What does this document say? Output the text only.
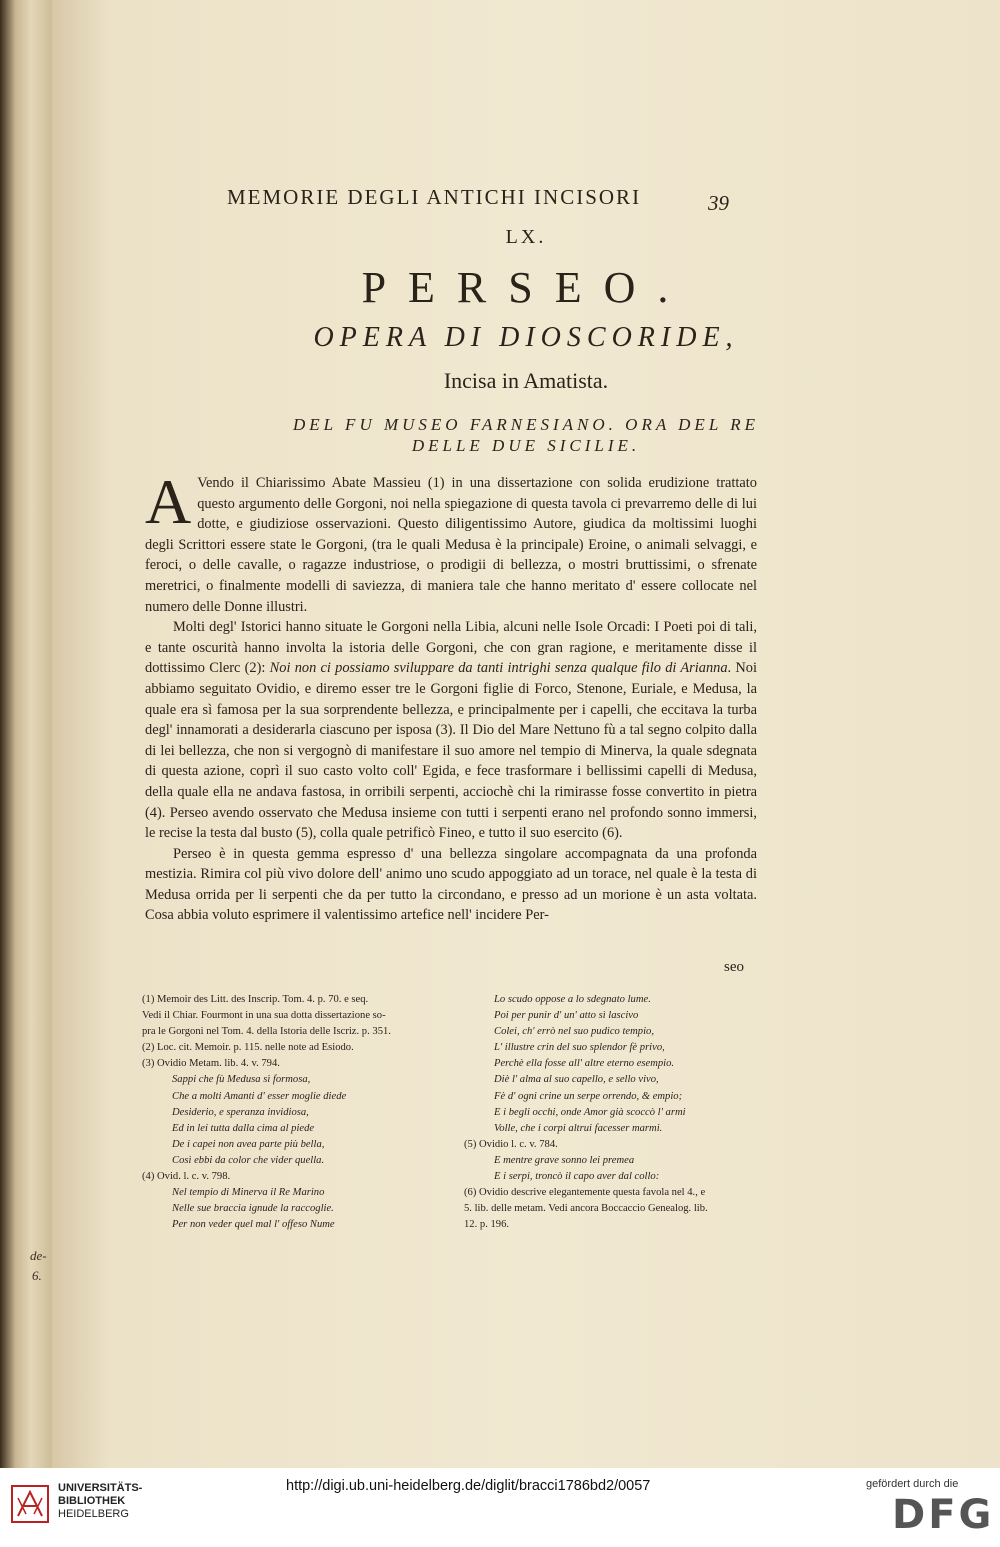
de-
6.
MEMORIE DEGLI ANTICHI INCISORI	39
LX.
PERSEO.
OPERA DI DIOSCORIDE,
Incisa in Amatista.
DEL FU MUSEO FARNESIANO. ORA DEL RE
DELLE DUE SICILIE.

A Vendo il Chiarissimo Abate Massieu (1) in una dissertazione con solida erudizione trattato questo argumento delle Gorgoni, noi nella spiegazione di questa tavola ci prevarremo delle di lui dotte, e giudiziose osservazioni. Questo diligentissimo Autore, giudica da moltissimi luoghi degli Scrittori essere state le Gorgoni, (tra le quali Medusa è la principale) Eroine, o animali selvaggi, e feroci, o delle cavalle, o ragazze industriose, o prodigii di bellezza, o mostri bruttissimi, o sfrenate meretrici, o finalmente modelli di saviezza, di maniera tale che hanno meritato d' essere collocate nel numero delle Donne illustri.

Molti degl' Istorici hanno situate le Gorgoni nella Libia, alcuni nelle Isole Orcadi: I Poeti poi di tali, e tante oscurità hanno involta la istoria delle Gorgoni, che con gran ragione, e meritamente disse il dottissimo Clerc (2): Noi non ci possiamo sviluppare da tanti intrighi senza qualque filo di Arianna. Noi abbiamo seguitato Ovidio, e diremo esser tre le Gorgoni figlie di Forco, Stenone, Euriale, e Medusa, la quale era sì famosa per la sua sorprendente bellezza, e principalmente per i capelli, che eccitava la turba degl' innamorati a desiderarla ciascuno per isposa (3). Il Dio del Mare Nettuno fù a tal segno colpito dalla di lei bellezza, che non si vergognò di manifestare il suo amore nel tempio di Minerva, la quale sdegnata di questa azione, coprì il suo casto volto coll' Egida, e fece trasformare i bellissimi capelli di Medusa, della quale ella ne andava fastosa, in orribili serpenti, acciochè chi la rimirasse fosse convertito in pietra (4). Perseo avendo osservato che Medusa insieme con tutti i serpenti erano nel profondo sonno immersi, le recise la testa dal busto (5), colla quale petrificò Fineo, e tutto il suo esercito (6).

Perseo è in questa gemma espresso d' una bellezza singolare accompagnata da una profonda mestizia. Rimira col più vivo dolore dell' animo uno scudo appoggiato ad un torace, nel quale è la testa di Medusa orrida per li serpenti che da per tutto la circondano, e presso ad un morione è un asta voltata. Cosa abbia voluto esprimere il valentissimo artefice nell' incidere Per-

seo
(1) Memoir des Litt. des Inscrip. Tom. 4. p. 70. e seq.
Vedi il Chiar. Fourmont in una sua dotta dissertazione so-
pra le Gorgoni nel Tom. 4. della Istoria delle Iscriz. p. 351.
(2) Loc. cit. Memoir. p. 115. nelle note ad Esiodo.
(3) Ovidio Metam. lib. 4. v. 794.
Sappi che fù Medusa sì formosa,
Che a molti Amanti d' esser moglie diede
Desiderio, e speranza invidiosa,
Ed in lei tutta dalla cima al piede
De i capei non avea parte più bella,
Così ebbi da color che vider quella.
(4) Ovid. l. c. v. 798.
Nel tempio di Minerva il Re Marino
Nelle sue braccia ignude la raccoglie.
Per non veder quel mal l' offeso Nume
Lo scudo oppose a lo sdegnato lume.
Poi per punir d' un' atto sì lascivo
Colei, ch' errò nel suo pudico tempio,
L' illustre crin del suo splendor fè privo,
Perchè ella fosse all' altre eterno esempio.
Diè l' alma al suo capello, e sello vivo,
Fè d' ogni crine un serpe orrendo, & empio;
E i begli occhi, onde Amor già scoccò l' armi
Volle, che i corpi altrui facesser marmi.
(5) Ovidio l. c. v. 784.
E mentre grave sonno lei premea
E i serpi, troncò il capo aver dal collo:
(6) Ovidio descrive elegantemente questa favola nel 4., e
5. lib. delle metam. Vedi ancora Boccaccio Genealog. lib.
12. p. 196.
UNIVERSITÄTS-
BIBLIOTHEK
HEIDELBERG
http://digi.ub.uni-heidelberg.de/diglit/bracci1786bd2/0057	gefördert durch die
DFG
